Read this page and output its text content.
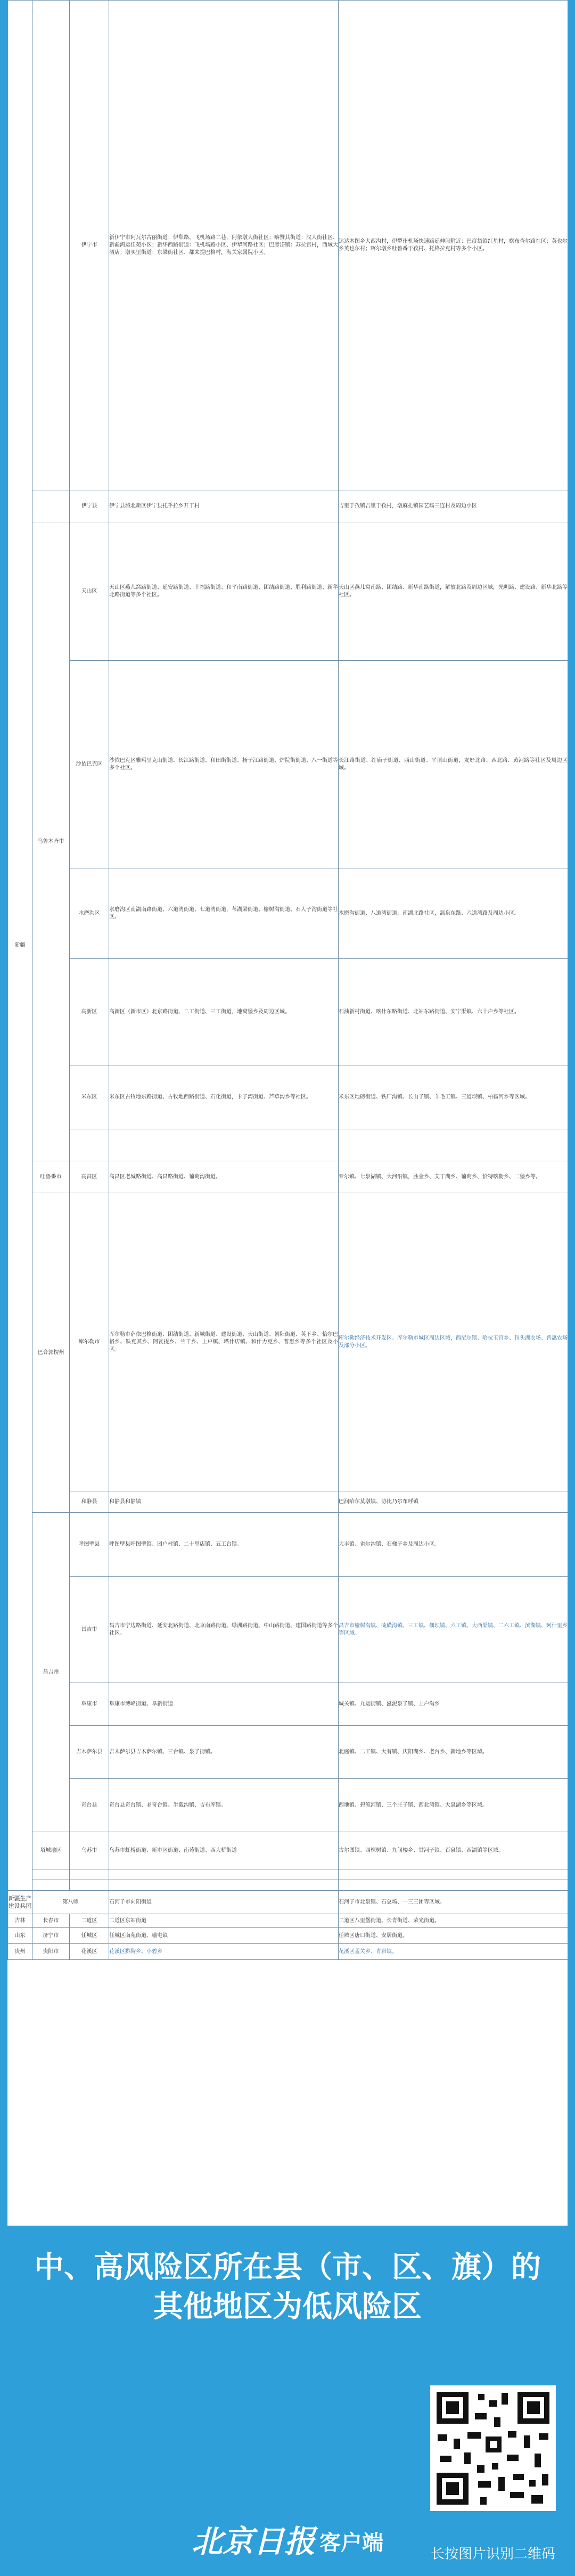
新疆		伊宁市	新伊宁市阿瓦尔古丽街道：伊犁路、飞机场路二巷，阿依墩大街社区；喀赞其街道：汉人街社区、新疆鸿运佳苑小区；新华西路街道：飞机场路小区、伊犁河路社区；巴彦岱镇：苏拉宫村，西域大酒店；墩买里街道：东梁街社区、都来提巴格村，海关家属院小区。	达达木图乡大西沟村，伊犁州机场快速路延伸段附近；巴彦岱镇红星村，察布查尔路社区；英也尔乡英也尔村；喀尔墩乡吐鲁番于孜村、托格拉克村等多个小区。
		伊宁县	伊宁县城北新区伊宁县托乎拉乡开干村	吉里于孜镇吉里于孜村，墩麻扎镇园艺场三连村及周边小区
	乌鲁木齐市	天山区	天山区燕儿窝路街道、延安路街道、幸福路街道、和平南路街道、团结路街道、胜利路街道、新华北路街道等多个社区。	天山区燕儿窝南路、团结路、新华南路街道，解放北路及周边区域，光明路、建设路、新华北路等社区。
		沙依巴克区	沙依巴克区雅玛里克山街道、长江路街道、和田街街道、扬子江路街道、炉院街街道、八一街道等多个社区。	长江路街道、红庙子街道、西山街道、平顶山街道，友好北路、西北路、黄河路等社区及周边区域。
		水磨沟区	水磨沟区南湖南路街道、六道湾街道、七道湾街道，苇湖梁街道、榆树沟街道、石人子沟街道等社区。	水磨沟街道、八道湾街道，南湖北路社区，温泉东路、六道湾路及周边小区。
		高新区	高新区（新市区）北京路街道、二工街道、三工街道，地窝堡乡及周边区域。	石油新村街道、喀什东路街道、北站东路街道、安宁渠镇、六十户乡等社区。
		米东区	米东区古牧地东路街道、古牧地西路街道、石化街道，卡子湾街道、芦草沟乡等社区。	米东区地磅街道、铁厂沟镇、长山子镇、羊毛工镇、三道坝镇、柏杨河乡等区域。

	吐鲁番市	高昌区	高昌区老城路街道、高昌路街道、葡萄沟街道。	亚尔镇、七泉湖镇、大河沿镇，胜金乡、艾丁湖乡、葡萄乡、恰特喀勒乡、二堡乡等。
	巴音郭楞州	库尔勒市	库尔勒市萨依巴格街道、团结街道、新城街道、建设街道、天山街道、朝阳街道、英下乡、恰尔巴格乡、铁克其乡、阿瓦提乡、兰干乡、上户镇、塔什店镇、和什力克乡、普惠乡等多个社区及小区。	库尔勒经济技术开发区、库尔勒市城区周边区域，西尼尔镇、哈拉玉宫乡、包头湖农场、普惠农场及部分小区。
		和静县	和静县和静镇	巴润哈尔莫墩镇、协比乃尔布呼镇
	昌吉州	呼图壁县	呼图壁县呼图壁镇、园户村镇、二十里店镇、五工台镇。	大丰镇、雀尔沟镇、石梯子乡及周边小区。
		昌吉市	昌吉市宁边路街道、延安北路街道、北京南路街道、绿洲路街道、中山路街道、建国路街道等多个社区。	昌吉市榆树沟镇、硫磺沟镇、三工镇、佃坝镇、六工镇、大西渠镇、二六工镇、滨湖镇、阿什里乡等区域。
		阜康市	阜康市博峰街道、阜新街道	城关镇、九运街镇、滋泥泉子镇、上户沟乡
		吉木萨尔县	吉木萨尔县吉木萨尔镇、三台镇、泉子街镇。	北庭镇、二工镇、大有镇、庆阳湖乡、老台乡、新地乡等区域。
		奇台县	奇台县奇台镇、老奇台镇、半截沟镇、吉布库镇。	西地镇、碧流河镇、三个庄子镇、西北湾镇、大泉湖乡等区域。
	塔城地区	乌苏市	乌苏市虹桥街道、新市区街道、南苑街道、西大桥街道	古尔图镇、四棵树镇、九间楼乡、甘河子镇、百泉镇、西湖镇等区域。

新疆生产建设兵团	第八师		石河子市向阳街道	石河子市北泉镇、石总场、一三三团等区域。
吉林	长春市	二道区	二道区东站街道	二道区八里堡街道、长青街道、荣光街道。
山东	济宁市	任城区	任城区南苑街道、喻屯镇	任城区唐口街道、安居街道。
贵州	贵阳市	花溪区	花溪区黔陶乡、小碧乡	花溪区孟关乡、青岩镇。
中、高风险区所在县（市、区、旗）的
其他地区为低风险区
长按图片识别二维码
北京日报 客户端
